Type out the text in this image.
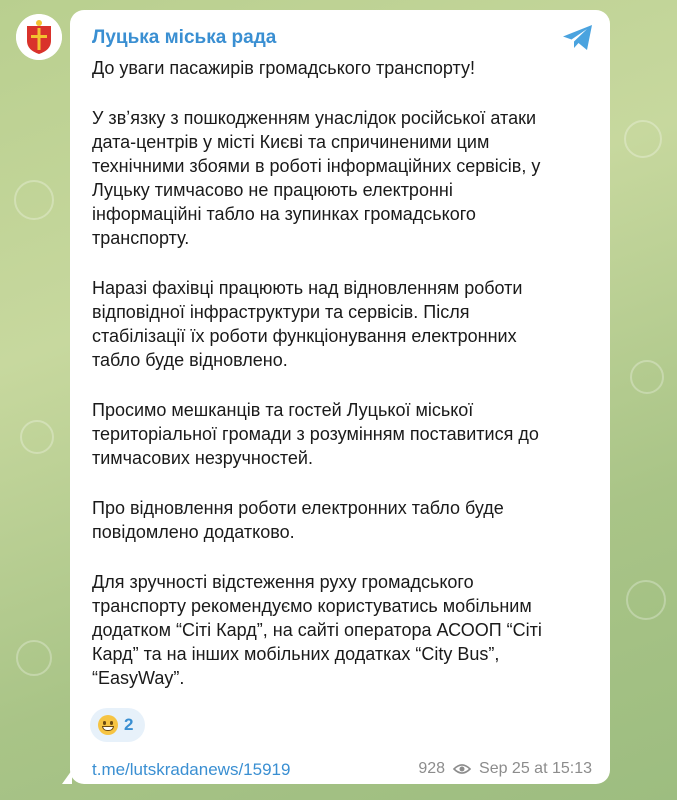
Луцька міська рада

До уваги пасажирів громадського транспорту!

У звʼязку з пошкодженням унаслідок російської атаки
дата-центрів у місті Києві та спричиненими цим
технічними збоями в роботі інформаційних сервісів, у
Луцьку тимчасово не працюють електронні
інформаційні табло на зупинках громадського
транспорту.

Наразі фахівці працюють над відновленням роботи
відповідної інфраструктури та сервісів. Після
стабілізації їх роботи функціонування електронних
табло буде відновлено.

Просимо мешканців та гостей Луцької міської
територіальної громади з розумінням поставитися до
тимчасових незручностей.

Про відновлення роботи електронних табло буде
повідомлено додатково.

Для зручності відстеження руху громадського
транспорту рекомендуємо користуватись мобільним
додатком “Сіті Кард”, на сайті оператора АСООП “Сіті
Кард” та на інших мобільних додатках “City Bus”,
“EasyWay”.

2
t.me/lutskradanews/15919	928 Sep 25 at 15:13
